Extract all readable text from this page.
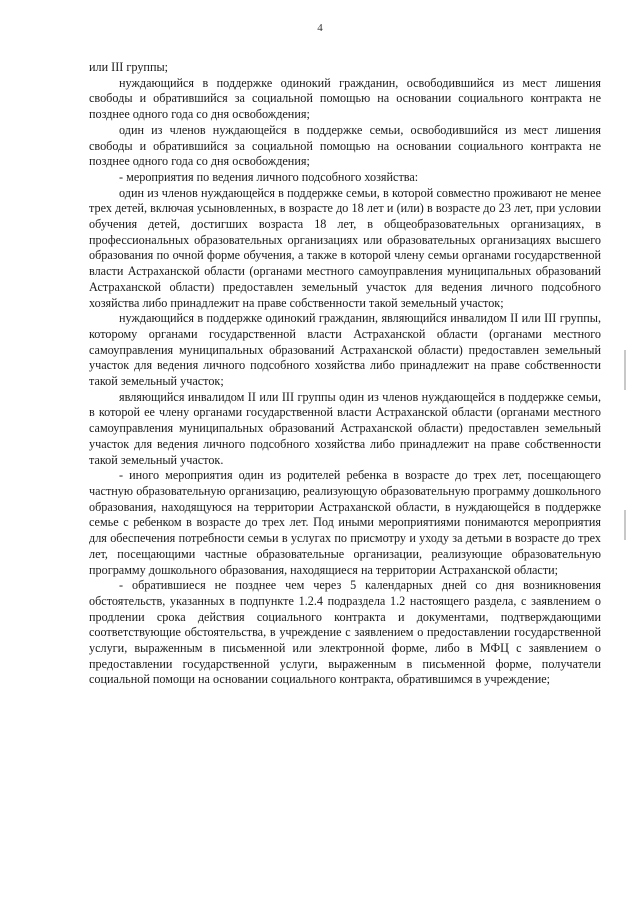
4

или III группы;

нуждающийся в поддержке одинокий гражданин, освободившийся из мест лишения свободы и обратившийся за социальной помощью на основании социального контракта не позднее одного года со дня освобождения;

один из членов нуждающейся в поддержке семьи, освободившийся из мест лишения свободы и обратившийся за социальной помощью на основании социального контракта не позднее одного года со дня освобождения;

- мероприятия по ведения личного подсобного хозяйства:

один из членов нуждающейся в поддержке семьи, в которой совместно проживают не менее трех детей, включая усыновленных, в возрасте до 18 лет и (или) в возрасте до 23 лет, при условии обучения детей, достигших возраста 18 лет, в общеобразовательных организациях, в профессиональных образовательных организациях или образовательных организациях высшего образования по очной форме обучения, а также в которой члену семьи органами государственной власти Астраханской области (органами местного самоуправления муниципальных образований Астраханской области) предоставлен земельный участок для ведения личного подсобного хозяйства либо принадлежит на праве собственности такой земельный участок;

нуждающийся в поддержке одинокий гражданин, являющийся инвалидом II или III группы, которому органами государственной власти Астраханской области (органами местного самоуправления муниципальных образований Астраханской области) предоставлен земельный участок для ведения личного подсобного хозяйства либо принадлежит на праве собственности такой земельный участок;

являющийся инвалидом II или III группы один из членов нуждающейся в поддержке семьи, в которой ее члену органами государственной власти Астраханской области (органами местного самоуправления муниципальных образований Астраханской области) предоставлен земельный участок для ведения личного подсобного хозяйства либо принадлежит на праве собственности такой земельный участок.

- иного мероприятия один из родителей ребенка в возрасте до трех лет, посещающего частную образовательную организацию, реализующую образовательную программу дошкольного образования, находящуюся на территории Астраханской области, в нуждающейся в поддержке семье с ребенком в возрасте до трех лет. Под иными мероприятиями понимаются мероприятия для обеспечения потребности семьи в услугах по присмотру и уходу за детьми в возрасте до трех лет, посещающими частные образовательные организации, реализующие образовательную программу дошкольного образования, находящиеся на территории Астраханской области;

- обратившиеся не позднее чем через 5 календарных дней со дня возникновения обстоятельств, указанных в подпункте 1.2.4 подраздела 1.2 настоящего раздела, с заявлением о продлении срока действия социального контракта и документами, подтверждающими соответствующие обстоятельства, в учреждение с заявлением о предоставлении государственной услуги, выраженным в письменной или электронной форме, либо в МФЦ с заявлением о предоставлении государственной услуги, выраженным в письменной форме, получатели социальной помощи на основании социального контракта, обратившимся в учреждение;
